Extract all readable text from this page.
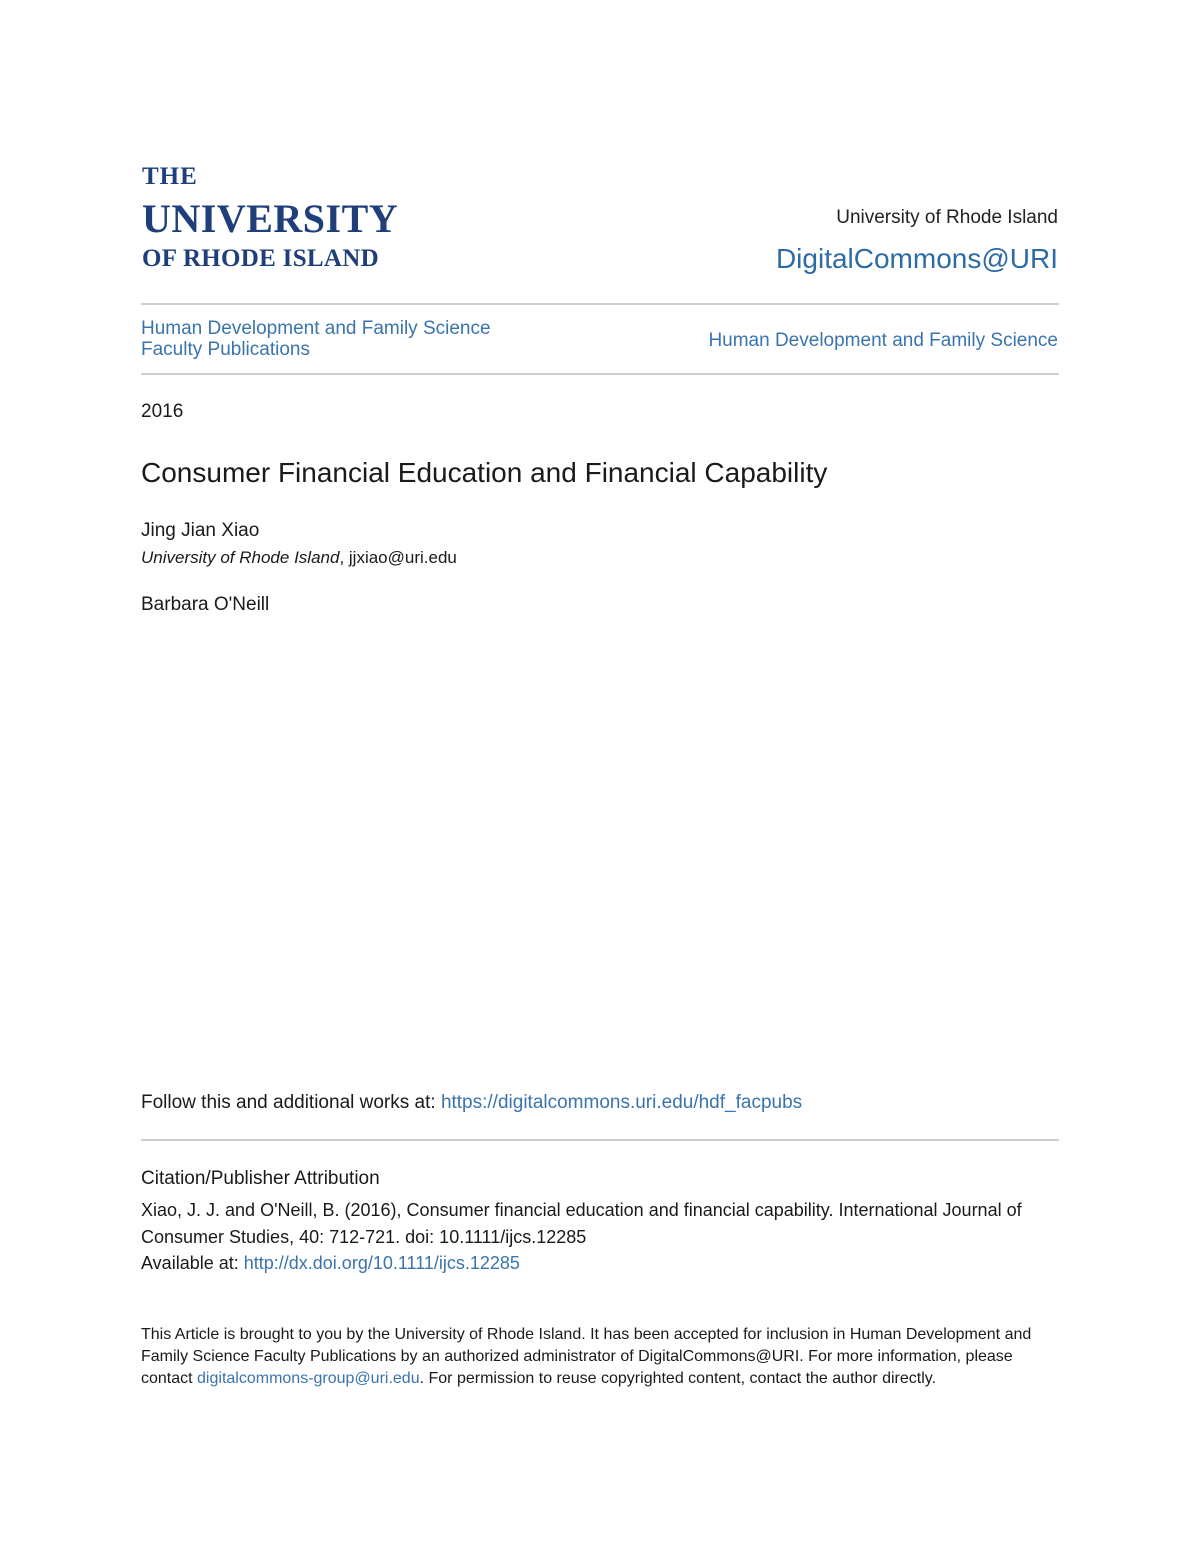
THE
UNIVERSITY
OF RHODE ISLAND
University of Rhode Island
DigitalCommons@URI
Human Development and Family Science
Faculty Publications	Human Development and Family Science
2016
Consumer Financial Education and Financial Capability
Jing Jian Xiao
University of Rhode Island, jjxiao@uri.edu
Barbara O'Neill
Follow this and additional works at: https://digitalcommons.uri.edu/hdf_facpubs
Citation/Publisher Attribution
Xiao, J. J. and O'Neill, B. (2016), Consumer financial education and financial capability. International Journal of Consumer Studies, 40: 712-721. doi: 10.1111/ijcs.12285
Available at: http://dx.doi.org/10.1111/ijcs.12285
This Article is brought to you by the University of Rhode Island. It has been accepted for inclusion in Human Development and Family Science Faculty Publications by an authorized administrator of DigitalCommons@URI. For more information, please contact digitalcommons-group@uri.edu. For permission to reuse copyrighted content, contact the author directly.
